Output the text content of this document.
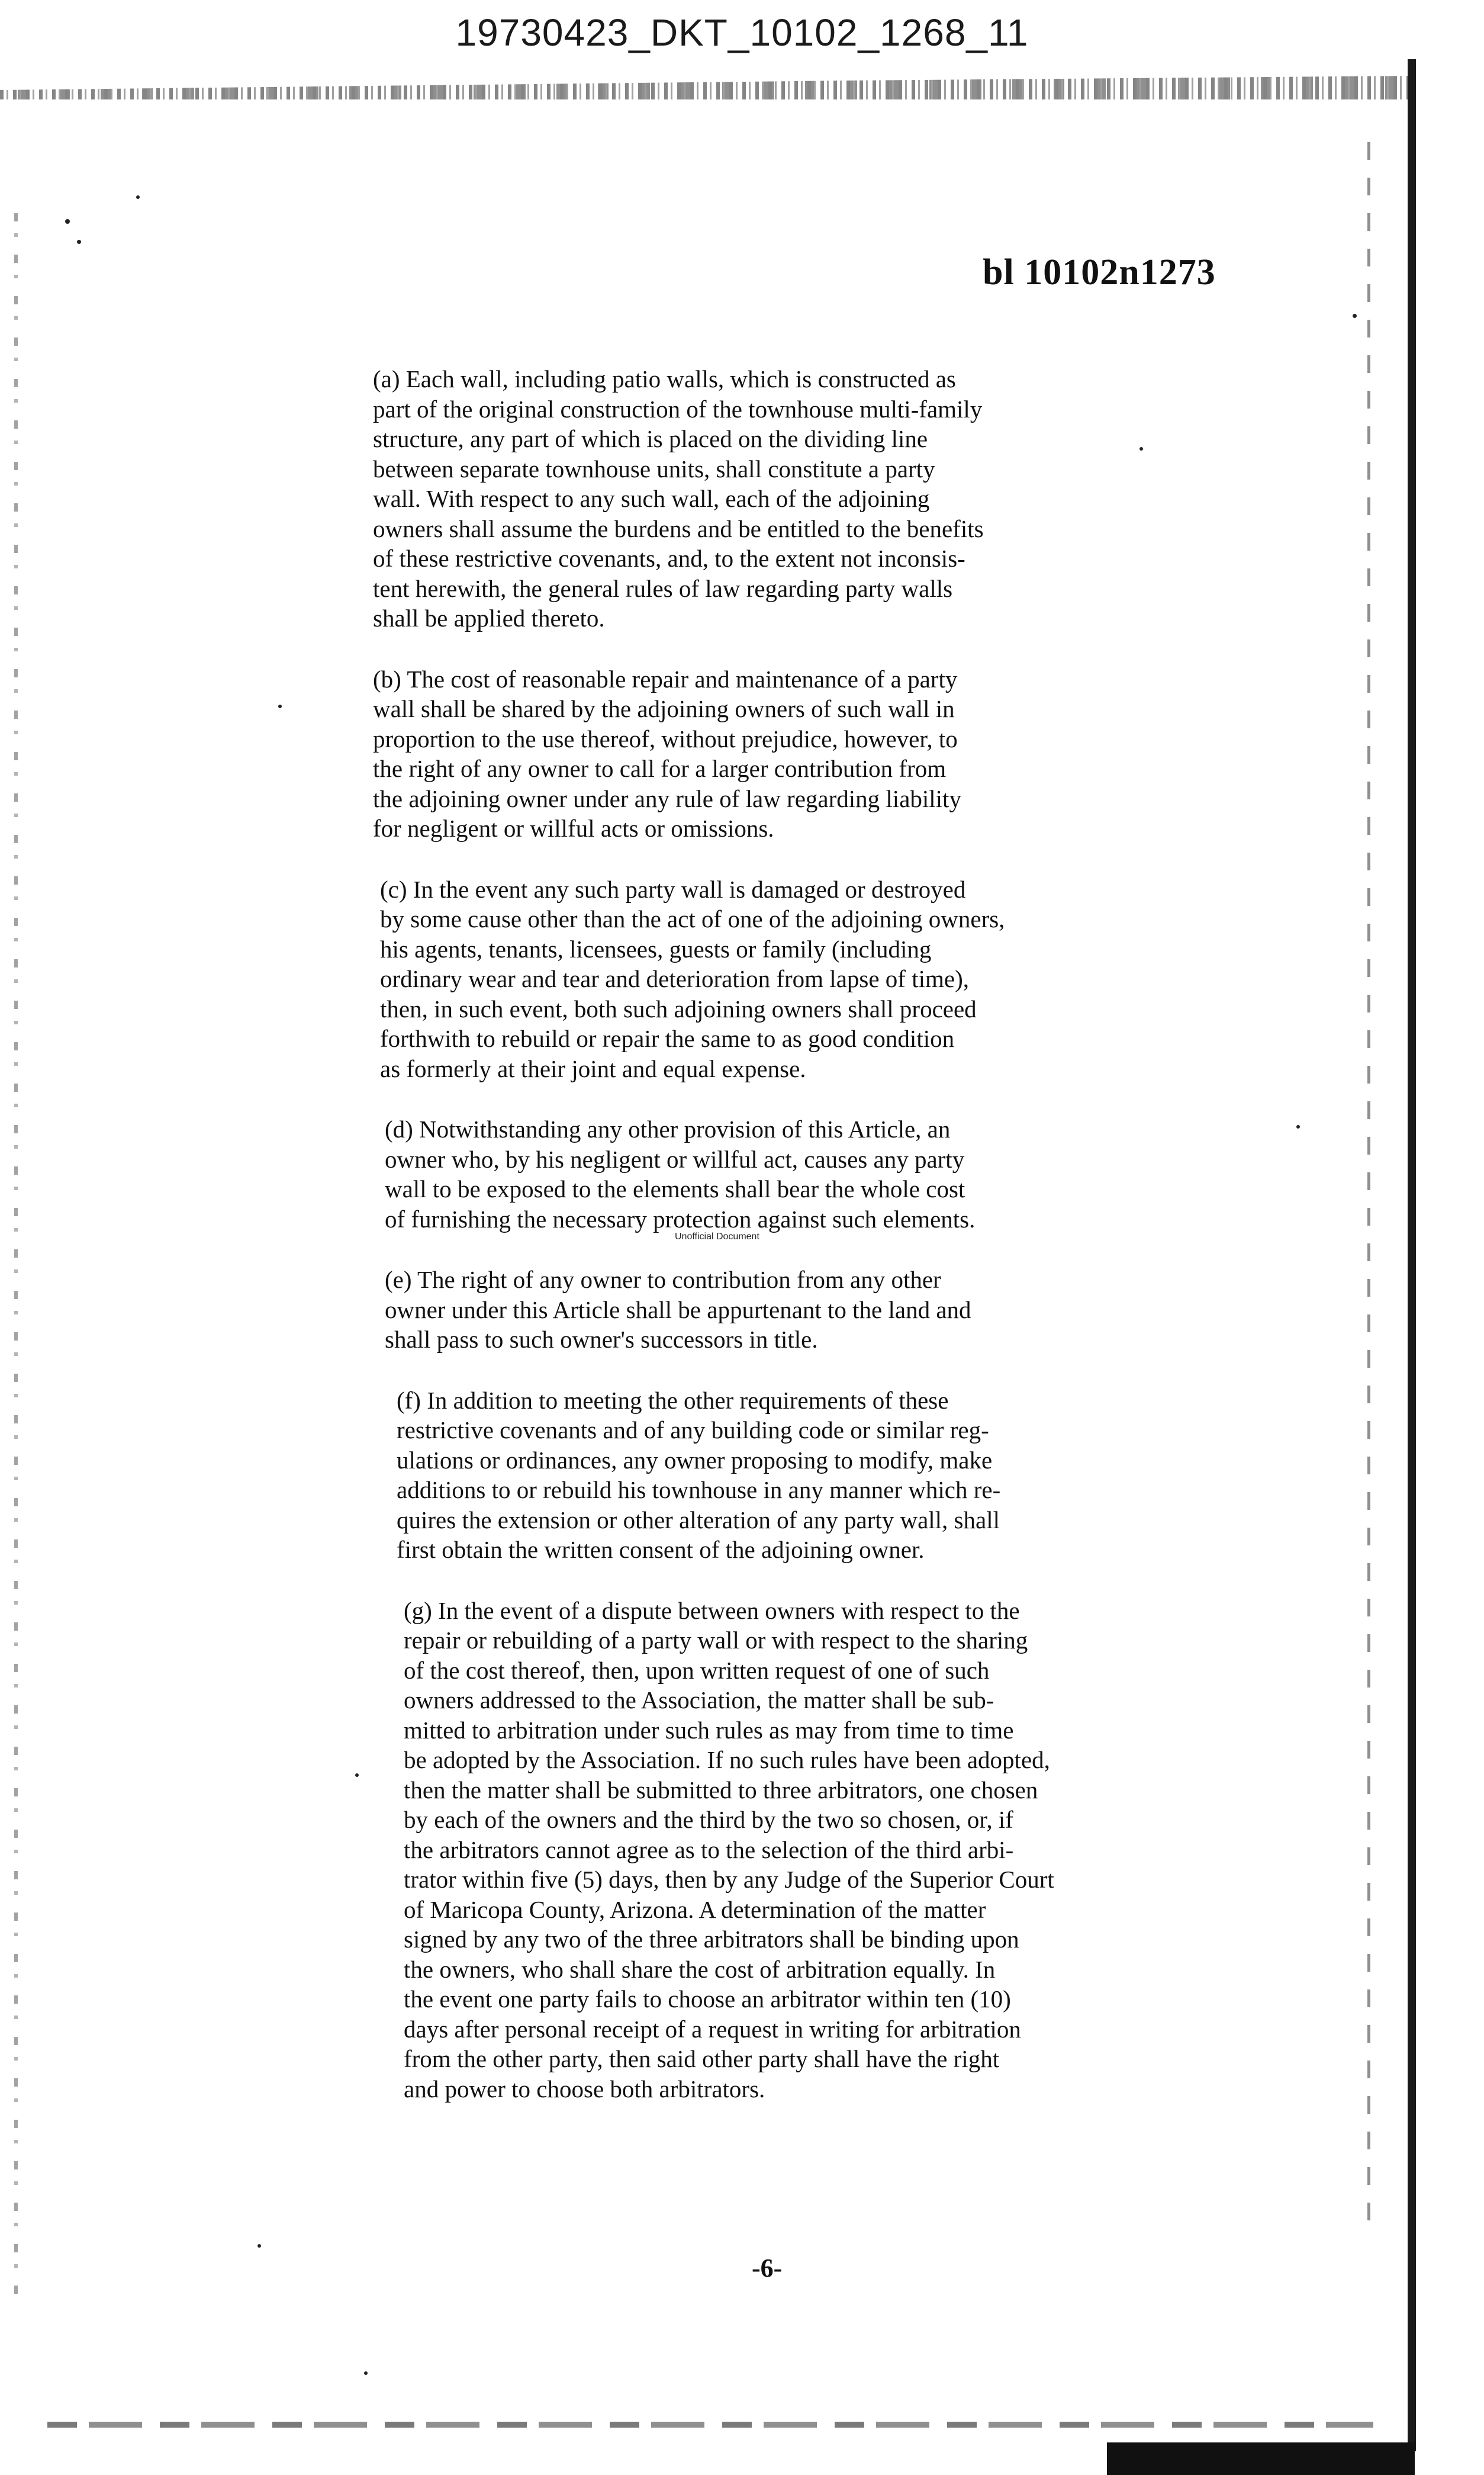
19730423_DKT_10102_1268_11
bl 10102n1273
(a) Each wall, including patio walls, which is constructed as
part of the original construction of the townhouse multi-family
structure, any part of which is placed on the dividing line
between separate townhouse units, shall constitute a party
wall. With respect to any such wall, each of the adjoining
owners shall assume the burdens and be entitled to the benefits
of these restrictive covenants, and, to the extent not inconsis-
tent herewith, the general rules of law regarding party walls
shall be applied thereto.
(b) The cost of reasonable repair and maintenance of a party
wall shall be shared by the adjoining owners of such wall in
proportion to the use thereof, without prejudice, however, to
the right of any owner to call for a larger contribution from
the adjoining owner under any rule of law regarding liability
for negligent or willful acts or omissions.
(c) In the event any such party wall is damaged or destroyed
by some cause other than the act of one of the adjoining owners,
his agents, tenants, licensees, guests or family (including
ordinary wear and tear and deterioration from lapse of time),
then, in such event, both such adjoining owners shall proceed
forthwith to rebuild or repair the same to as good condition
as formerly at their joint and equal expense.
(d) Notwithstanding any other provision of this Article, an
owner who, by his negligent or willful act, causes any party
wall to be exposed to the elements shall bear the whole cost
of furnishing the necessary protection against such elements.
(e) The right of any owner to contribution from any other
owner under this Article shall be appurtenant to the land and
shall pass to such owner's successors in title.
(f) In addition to meeting the other requirements of these
restrictive covenants and of any building code or similar reg-
ulations or ordinances, any owner proposing to modify, make
additions to or rebuild his townhouse in any manner which re-
quires the extension or other alteration of any party wall, shall
first obtain the written consent of the adjoining owner.
(g) In the event of a dispute between owners with respect to the
repair or rebuilding of a party wall or with respect to the sharing
of the cost thereof, then, upon written request of one of such
owners addressed to the Association, the matter shall be sub-
mitted to arbitration under such rules as may from time to time
be adopted by the Association. If no such rules have been adopted,
then the matter shall be submitted to three arbitrators, one chosen
by each of the owners and the third by the two so chosen, or, if
the arbitrators cannot agree as to the selection of the third arbi-
trator within five (5) days, then by any Judge of the Superior Court
of Maricopa County, Arizona. A determination of the matter
signed by any two of the three arbitrators shall be binding upon
the owners, who shall share the cost of arbitration equally. In
the event one party fails to choose an arbitrator within ten (10)
days after personal receipt of a request in writing for arbitration
from the other party, then said other party shall have the right
and power to choose both arbitrators.
Unofficial Document
-6-
